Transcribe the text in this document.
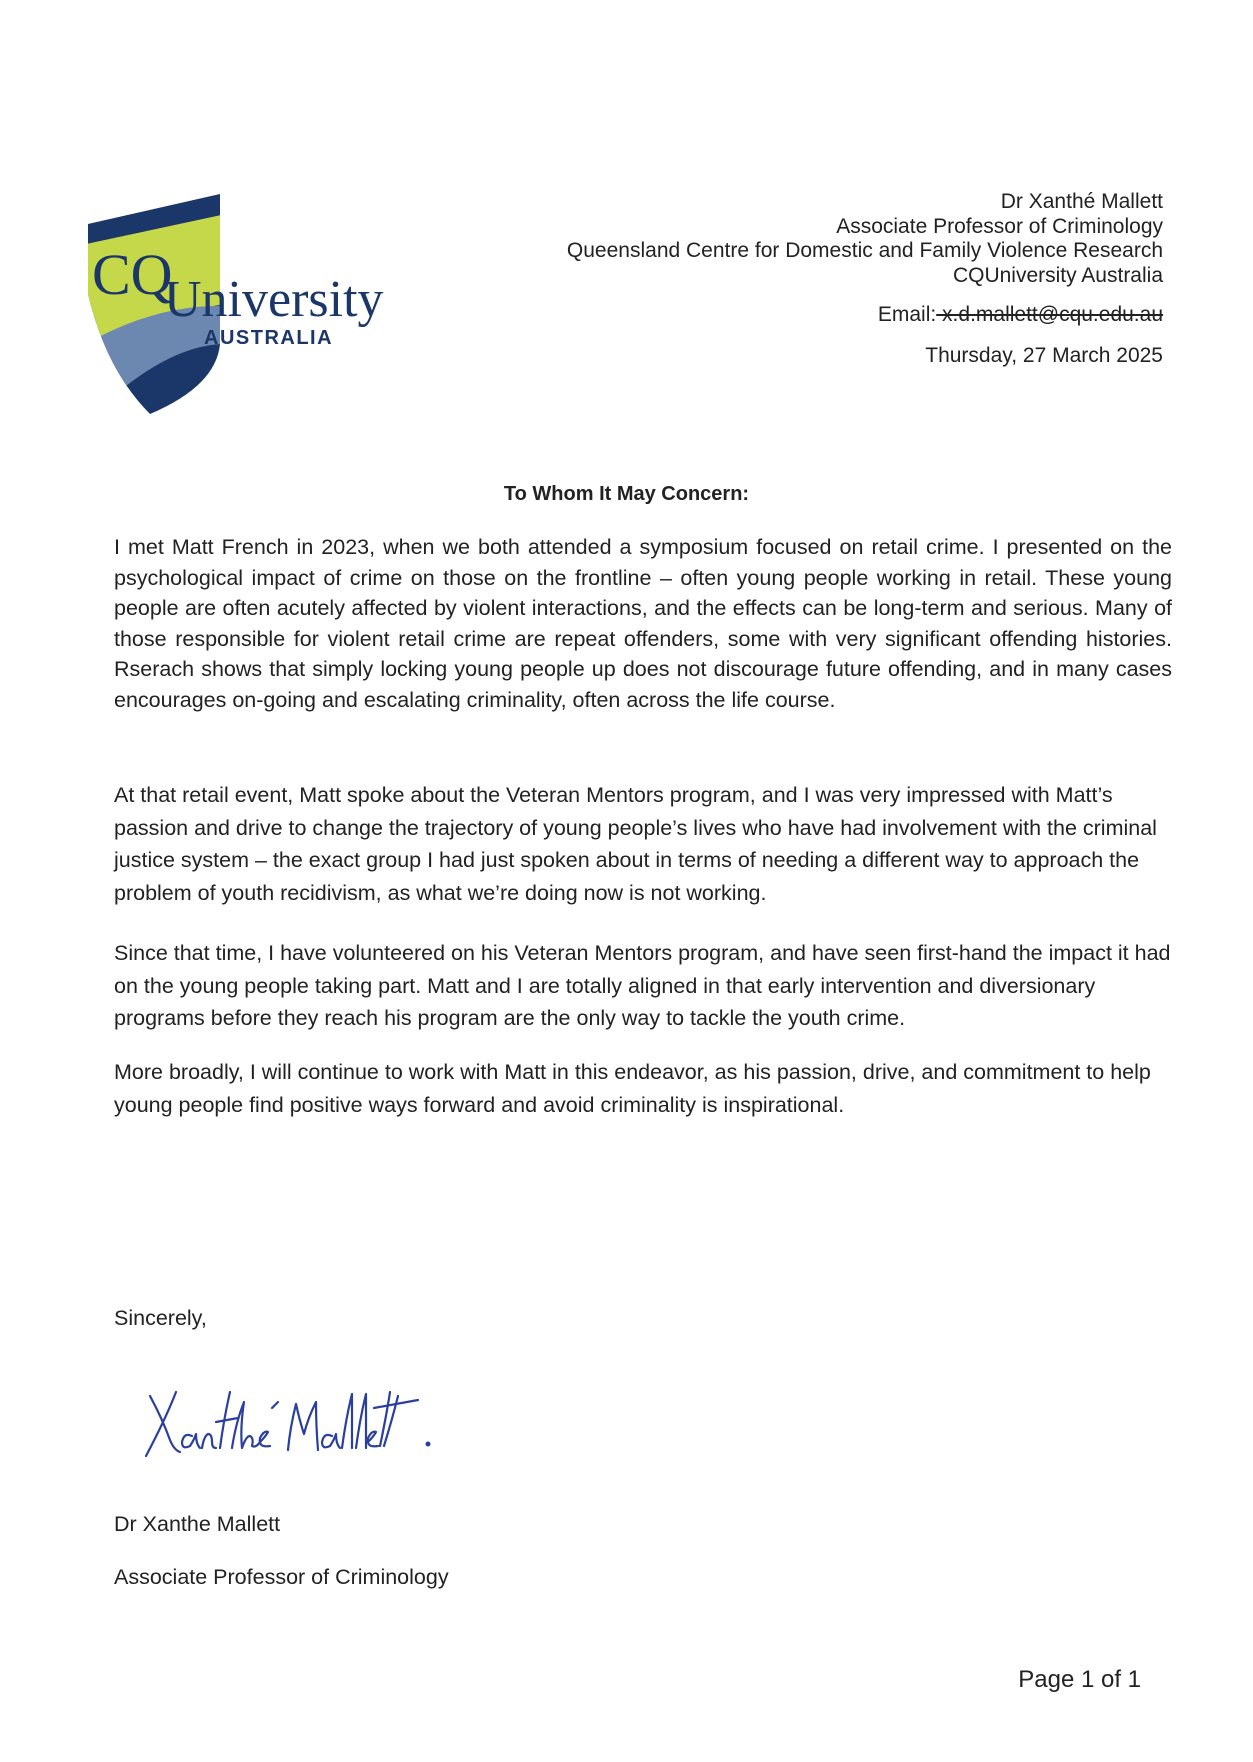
CQ
University
AUSTRALIA
Dr Xanthé Mallett
Associate Professor of Criminology
Queensland Centre for Domestic and Family Violence Research
CQUniversity Australia
Email: x.d.mallett@cqu.edu.au
Thursday, 27 March 2025
To Whom It May Concern:
I met Matt French in 2023, when we both attended a symposium focused on retail crime. I presented on the psychological impact of crime on those on the frontline – often young people working in retail. These young people are often acutely affected by violent interactions, and the effects can be long-term and serious. Many of those responsible for violent retail crime are repeat offenders, some with very significant offending histories. Rserach shows that simply locking young people up does not discourage future offending, and in many cases encourages on-going and escalating criminality, often across the life course.
At that retail event, Matt spoke about the Veteran Mentors program, and I was very impressed with Matt’s passion and drive to change the trajectory of young people’s lives who have had involvement with the criminal justice system – the exact group I had just spoken about in terms of needing a different way to approach the problem of youth recidivism, as what we’re doing now is not working.
Since that time, I have volunteered on his Veteran Mentors program, and have seen first-hand the impact it had on the young people taking part. Matt and I are totally aligned in that early intervention and diversionary programs before they reach his program are the only way to tackle the youth crime.
More broadly, I will continue to work with Matt in this endeavor, as his passion, drive, and commitment to help young people find positive ways forward and avoid criminality is inspirational.
Sincerely,
Dr Xanthe Mallett
Associate Professor of Criminology
Page 1 of 1
